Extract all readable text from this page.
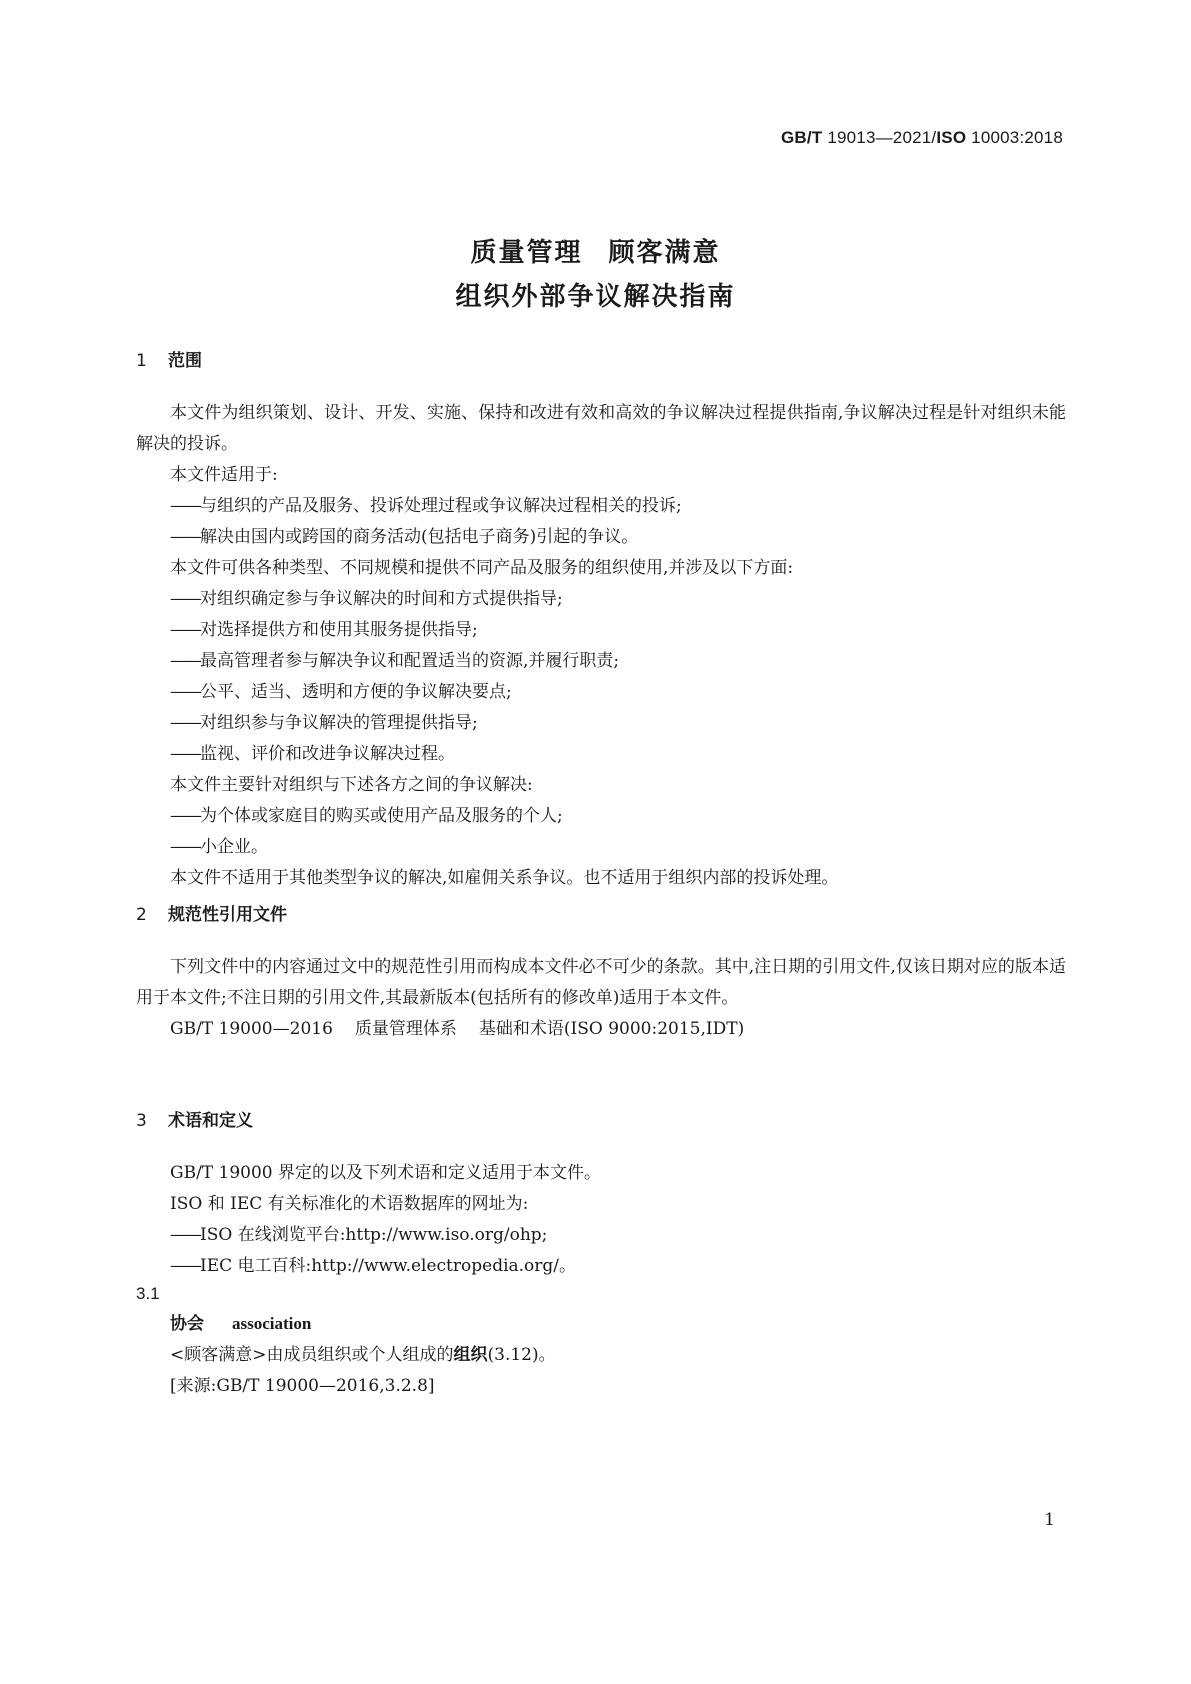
GB/T 19013—2021/ISO 10003:2018
质量管理 顾客满意
组织外部争议解决指南
1 范围

本文件为组织策划、设计、开发、实施、保持和改进有效和高效的争议解决过程提供指南,争议解决过程是针对组织未能解决的投诉。

本文件适用于:

——与组织的产品及服务、投诉处理过程或争议解决过程相关的投诉;

——解决由国内或跨国的商务活动(包括电子商务)引起的争议。

本文件可供各种类型、不同规模和提供不同产品及服务的组织使用,并涉及以下方面:

——对组织确定参与争议解决的时间和方式提供指导;

——对选择提供方和使用其服务提供指导;

——最高管理者参与解决争议和配置适当的资源,并履行职责;

——公平、适当、透明和方便的争议解决要点;

——对组织参与争议解决的管理提供指导;

——监视、评价和改进争议解决过程。

本文件主要针对组织与下述各方之间的争议解决:

——为个体或家庭目的购买或使用产品及服务的个人;

——小企业。

本文件不适用于其他类型争议的解决,如雇佣关系争议。也不适用于组织内部的投诉处理。

2 规范性引用文件

下列文件中的内容通过文中的规范性引用而构成本文件必不可少的条款。其中,注日期的引用文件,仅该日期对应的版本适用于本文件;不注日期的引用文件,其最新版本(包括所有的修改单)适用于本文件。

GB/T 19000—2016 质量管理体系 基础和术语(ISO 9000:2015,IDT)

3 术语和定义

GB/T 19000 界定的以及下列术语和定义适用于本文件。

ISO 和 IEC 有关标准化的术语数据库的网址为:

——ISO 在线浏览平台:http://www.iso.org/ohp;

——IEC 电工百科:http://www.electropedia.org/。

3.1
协会 association
<顾客满意>由成员组织或个人组成的组织(3.12)。
[来源:GB/T 19000—2016,3.2.8]
1
